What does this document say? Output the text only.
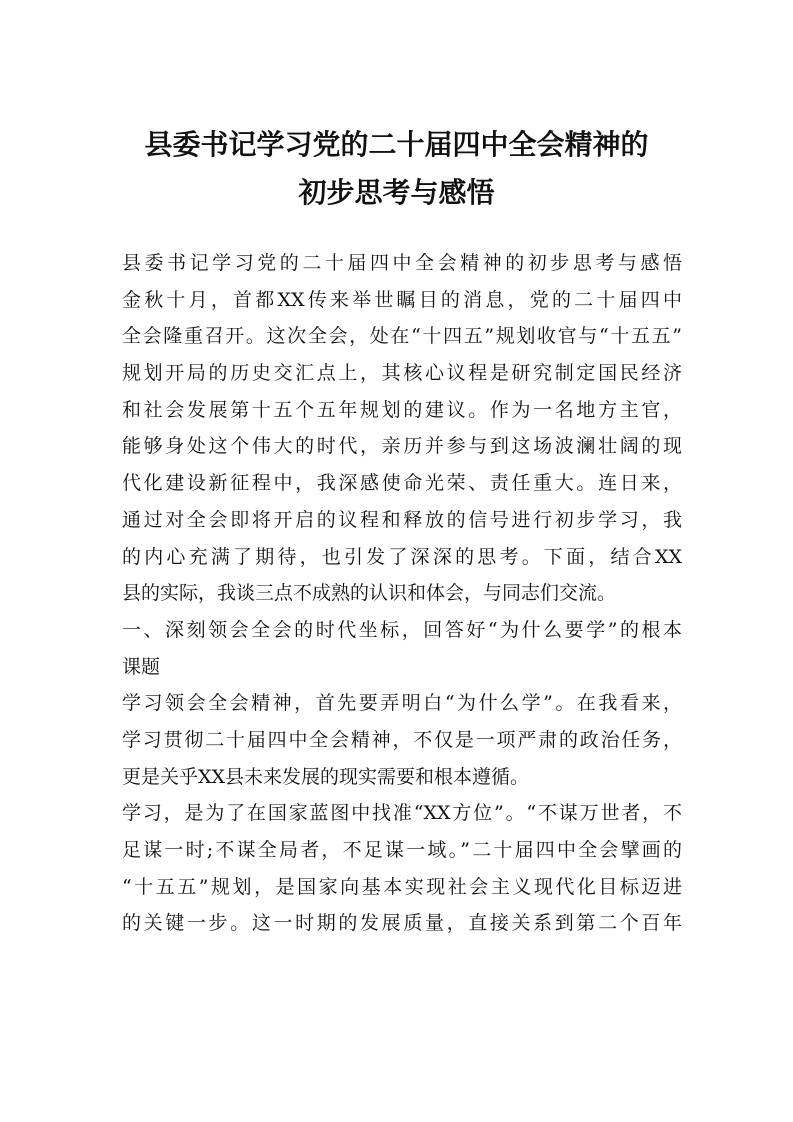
县委书记学习党的二十届四中全会精神的
初步思考与感悟
县委书记学习党的二十届四中全会精神的初步思考与感悟
金秋十月，首都XX传来举世瞩目的消息，党的二十届四中
全会隆重召开。这次全会，处在“十四五”规划收官与“十五五”
规划开局的历史交汇点上，其核心议程是研究制定国民经济
和社会发展第十五个五年规划的建议。作为一名地方主官，
能够身处这个伟大的时代，亲历并参与到这场波澜壮阔的现
代化建设新征程中，我深感使命光荣、责任重大。连日来，
通过对全会即将开启的议程和释放的信号进行初步学习，我
的内心充满了期待，也引发了深深的思考。下面，结合XX
县的实际，我谈三点不成熟的认识和体会，与同志们交流。
一、深刻领会全会的时代坐标，回答好“为什么要学”的根本
课题
学习领会全会精神，首先要弄明白“为什么学”。在我看来，
学习贯彻二十届四中全会精神，不仅是一项严肃的政治任务，
更是关乎XX县未来发展的现实需要和根本遵循。
学习，是为了在国家蓝图中找准“XX方位”。“不谋万世者，不
足谋一时;不谋全局者，不足谋一域。”二十届四中全会擘画的
“十五五”规划，是国家向基本实现社会主义现代化目标迈进
的关键一步。这一时期的发展质量，直接关系到第二个百年
